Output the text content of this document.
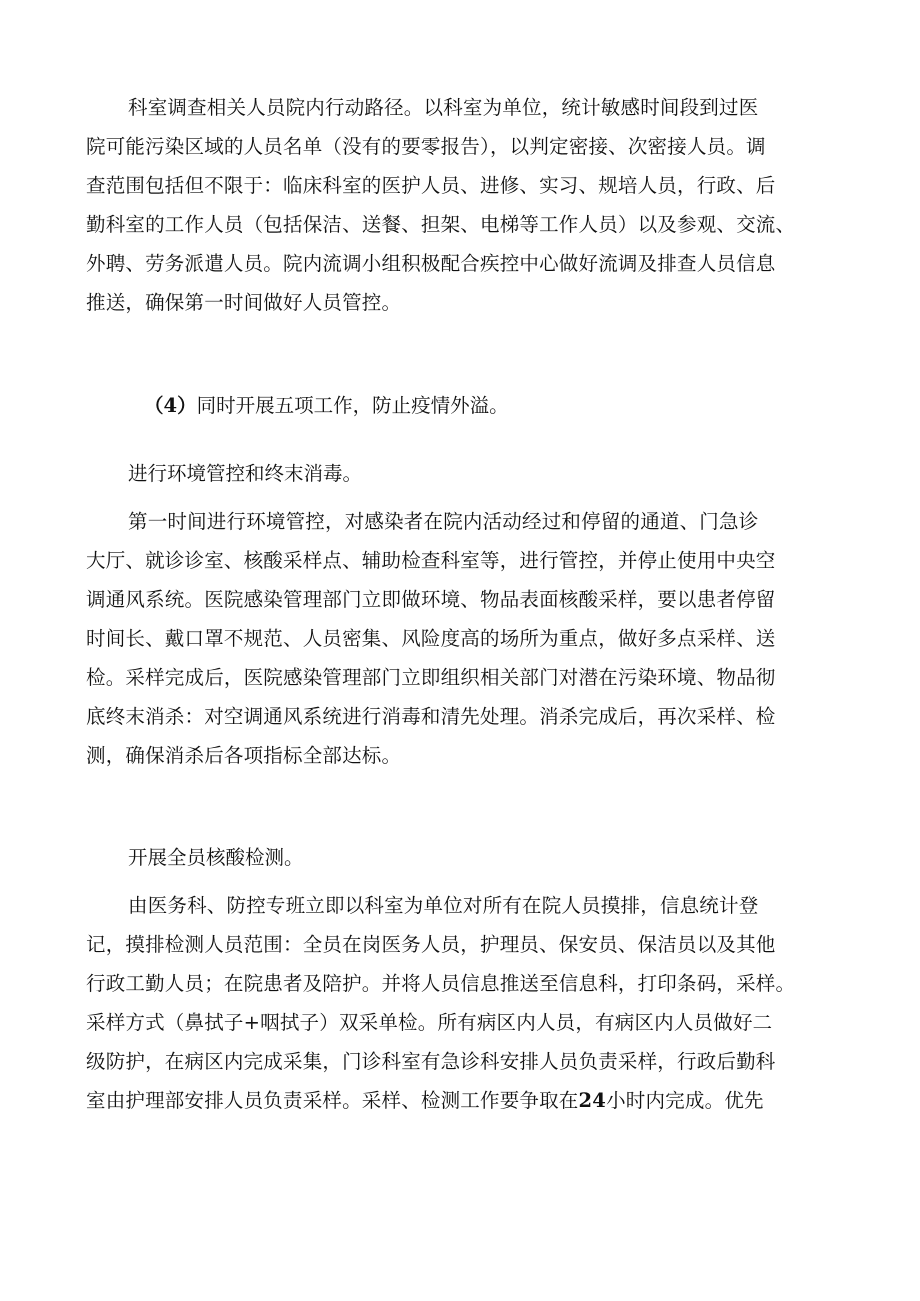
科室调查相关人员院内行动路径。以科室为单位，统计敏感时间段到过医
院可能污染区域的人员名单（没有的要零报告），以判定密接、次密接人员。调
查范围包括但不限于：临床科室的医护人员、进修、实习、规培人员，行政、后
勤科室的工作人员（包括保洁、送餐、担架、电梯等工作人员）以及参观、交流、
外聘、劳务派遣人员。院内流调小组积极配合疾控中心做好流调及排查人员信息
推送，确保第一时间做好人员管控。
（4）同时开展五项工作，防止疫情外溢。
进行环境管控和终末消毒。
第一时间进行环境管控，对感染者在院内活动经过和停留的通道、门急诊
大厅、就诊诊室、核酸采样点、辅助检查科室等，进行管控，并停止使用中央空
调通风系统。医院感染管理部门立即做环境、物品表面核酸采样，要以患者停留
时间长、戴口罩不规范、人员密集、风险度高的场所为重点，做好多点采样、送
检。采样完成后，医院感染管理部门立即组织相关部门对潜在污染环境、物品彻
底终末消杀：对空调通风系统进行消毒和清先处理。消杀完成后，再次采样、检
测，确保消杀后各项指标全部达标。
开展全员核酸检测。
由医务科、防控专班立即以科室为单位对所有在院人员摸排，信息统计登
记，摸排检测人员范围：全员在岗医务人员，护理员、保安员、保洁员以及其他
行政工勤人员；在院患者及陪护。并将人员信息推送至信息科，打印条码，采样。
采样方式（鼻拭子+咽拭子）双采单检。所有病区内人员，有病区内人员做好二
级防护，在病区内完成采集，门诊科室有急诊科安排人员负责采样，行政后勤科
室由护理部安排人员负责采样。采样、检测工作要争取在24小时内完成。优先
